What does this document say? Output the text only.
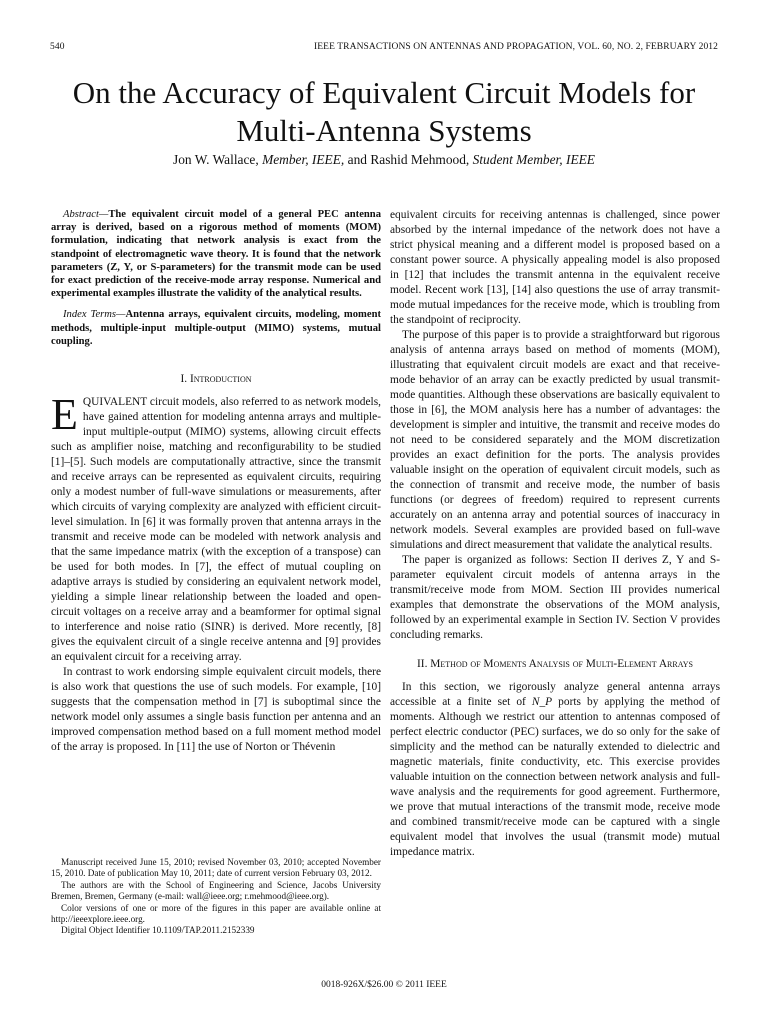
540	IEEE TRANSACTIONS ON ANTENNAS AND PROPAGATION, VOL. 60, NO. 2, FEBRUARY 2012
On the Accuracy of Equivalent Circuit Models for
Multi-Antenna Systems
Jon W. Wallace, Member, IEEE, and Rashid Mehmood, Student Member, IEEE

Abstract—The equivalent circuit model of a general PEC antenna array is derived, based on a rigorous method of moments (MOM) formulation, indicating that network analysis is exact from the standpoint of electromagnetic wave theory. It is found that the network parameters (Z, Y, or S-parameters) for the transmit mode can be used for exact prediction of the receive-mode array response. Numerical and experimental examples illustrate the validity of the analytical results.

Index Terms—Antenna arrays, equivalent circuits, modeling, moment methods, multiple-input multiple-output (MIMO) systems, mutual coupling.

I. Introduction

EQUIVALENT circuit models, also referred to as network models, have gained attention for modeling antenna arrays and multiple-input multiple-output (MIMO) systems, allowing circuit effects such as amplifier noise, matching and reconfigurability to be studied [1]–[5]. Such models are computationally attractive, since the transmit and receive arrays can be represented as equivalent circuits, requiring only a modest number of full-wave simulations or measurements, after which circuits of varying complexity are analyzed with efficient circuit-level simulation. In [6] it was formally proven that antenna arrays in the transmit and receive mode can be modeled with network analysis and that the same impedance matrix (with the exception of a transpose) can be used for both modes. In [7], the effect of mutual coupling on adaptive arrays is studied by considering an equivalent network model, yielding a simple linear relationship between the loaded and open-circuit voltages on a receive array and a beamformer for optimal signal to interference and noise ratio (SINR) is derived. More recently, [8] gives the equivalent circuit of a single receive antenna and [9] provides an equivalent circuit for a receiving array.

In contrast to work endorsing simple equivalent circuit models, there is also work that questions the use of such models. For example, [10] suggests that the compensation method in [7] is suboptimal since the network model only assumes a single basis function per antenna and an improved compensation method based on a full moment method model of the array is proposed. In [11] the use of Norton or Thévenin

Manuscript received June 15, 2010; revised November 03, 2010; accepted November 15, 2010. Date of publication May 10, 2011; date of current version February 03, 2012.

The authors are with the School of Engineering and Science, Jacobs University Bremen, Bremen, Germany (e-mail: wall@ieee.org; r.mehmood@ieee.org).

Color versions of one or more of the figures in this paper are available online at http://ieeexplore.ieee.org.

Digital Object Identifier 10.1109/TAP.2011.2152339

equivalent circuits for receiving antennas is challenged, since power absorbed by the internal impedance of the network does not have a strict physical meaning and a different model is proposed based on a constant power source. A physically appealing model is also proposed in [12] that includes the transmit antenna in the equivalent receive model. Recent work [13], [14] also questions the use of array transmit-mode mutual impedances for the receive mode, which is troubling from the standpoint of reciprocity.

The purpose of this paper is to provide a straightforward but rigorous analysis of antenna arrays based on method of moments (MOM), illustrating that equivalent circuit models are exact and that receive-mode behavior of an array can be exactly predicted by usual transmit-mode quantities. Although these observations are basically equivalent to those in [6], the MOM analysis here has a number of advantages: the development is simpler and intuitive, the transmit and receive modes do not need to be considered separately and the MOM discretization provides an exact definition for the ports. The analysis provides valuable insight on the operation of equivalent circuit models, such as the connection of transmit and receive mode, the number of basis functions (or degrees of freedom) required to represent currents accurately on an antenna array and potential sources of inaccuracy in network models. Several examples are provided based on full-wave simulations and direct measurement that validate the analytical results.

The paper is organized as follows: Section II derives Z, Y and S-parameter equivalent circuit models of antenna arrays in the transmit/receive mode from MOM. Section III provides numerical examples that demonstrate the observations of the MOM analysis, followed by an experimental example in Section IV. Section V provides concluding remarks.

II. Method of Moments Analysis of Multi-Element Arrays

In this section, we rigorously analyze general antenna arrays accessible at a finite set of N_P ports by applying the method of moments. Although we restrict our attention to antennas composed of perfect electric conductor (PEC) surfaces, we do so only for the sake of simplicity and the method can be naturally extended to dielectric and magnetic materials, finite conductivity, etc. This exercise provides valuable intuition on the connection between network analysis and full-wave analysis and the requirements for good agreement. Furthermore, we prove that mutual interactions of the transmit mode, receive mode and combined transmit/receive mode can be captured with a single equivalent model that involves the usual (transmit mode) mutual impedance matrix.

0018-926X/$26.00 © 2011 IEEE
